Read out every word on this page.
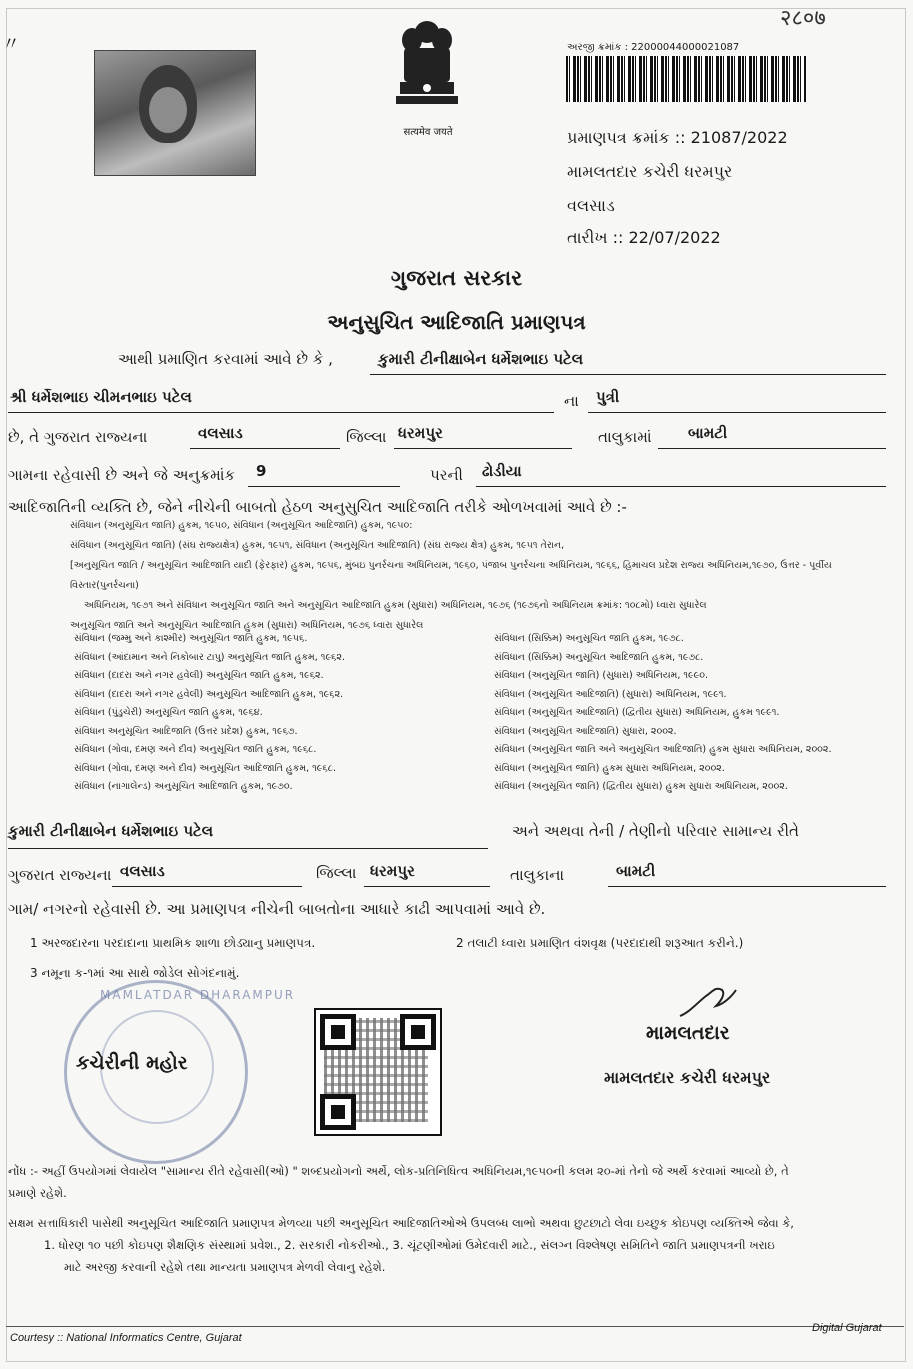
〃
२८०७
सत्यमेव जयते
અરજી ક્રમાંક : 22000044000021087
પ્રમાણપત્ર ક્રમાંક :: 21087/2022
મામલતદાર કચેરી ધરમપુર
વલસાડ
તારીખ :: 22/07/2022
ગુજરાત સરકાર
અનુસુચિત આદિજાતિ પ્રમાણપત્ર
આથી પ્રમાણિત કરવામાં આવે છે કે ,	કુમારી ટીનીક્ષાબેન ધર્મેશભાઇ પટેલ
શ્રી ધર્મેશભાઇ ચીમનભાઇ પટેલ	ના પુત્રી
છે, તે ગુજરાત રાજ્યના	વલસાડ	જિલ્લા ધરમપુર	તાલુકામાં બામટી
ગામના રહેવાસી છે અને જે અનુક્રમાંક 9	પરની ઢોડીયા
આદિજાતિની વ્યક્તિ છે, જેને નીચેની બાબતો હેઠળ અનુસુચિત આદિજાતિ તરીકે ઓળખવામાં આવે છે :-
સંવિધાન (અનુસૂચિત જાતિ) હુકમ, ૧૯૫૦, સંવિધાન (અનુસૂચિત આદિજાતિ) હુકમ, ૧૯૫૦:
સંવિધાન (અનુસૂચિત જાતિ) (સંઘ રાજ્યક્ષેત્ર) હુકમ, ૧૯૫૧, સંવિધાન (અનુસૂચિત આદિજાતિ) (સંઘ રાજ્ય ક્ષેત્ર) હુકમ, ૧૯૫૧ તેરાન,
[અનુસૂચિત જાતિ / અનુસૂચિત આદિજાતિ યાદી (ફેરફાર) હુકમ, ૧૯૫૬, મુંબઇ પુનર્રચના અધિનિયમ, ૧૯૬૦, પંજાબ પુનર્રચના અધિનિયમ, ૧૯૬૬, હિમાચલ પ્રદેશ રાજ્ય અધિનિયમ,૧૯૭૦, ઉત્તર - પૂર્વીય વિસ્તાર(પુનર્રચના)
અધિનિયમ, ૧૯૭૧ અને સંવિધાન અનુસૂચિત જાતિ અને અનુસૂચિત આદિજાતિ હુકમ (સુધારા) અધિનિયમ, ૧૯૭૬ (૧૯૭૬નો અધિનિયમ ક્રમાંક: ૧૦૮મો) ધ્વારા સુધારેલ
અનુસૂચિત જાતિ અને અનુસૂચિત આદિજાતિ હુકમ (સુધારા) અધિનિયમ, ૧૯૭૬ ધ્વારા સુધારેલ
સંવિધાન (જમ્મુ અને કાશ્મીર) અનુસૂચિત જાતિ હુકમ, ૧૯૫૬.
સંવિધાન (આંદામાન અને નિકોબાર ટાપુ) અનુસૂચિત જાતિ હુકમ, ૧૯૬૨.
સંવિધાન (દાદરા અને નગર હવેલી) અનુસૂચિત જાતિ હુકમ, ૧૯૬૨.
સંવિધાન (દાદરા અને નગર હવેલી) અનુસૂચિત આદિજાતિ હુકમ, ૧૯૬૨.
સંવિધાન (પુંડુચેરી) અનુસૂચિત જાતિ હુકમ, ૧૯૬૪.
સંવિધાન અનુસૂચિત આદિજાતિ (ઉત્તર પ્રદેશ) હુકમ, ૧૯૬૭.
સંવિધાન (ગોવા, દમણ અને દીવ) અનુસૂચિત જાતિ હુકમ, ૧૯૬૮.
સંવિધાન (ગોવા, દમણ અને દીવ) અનુસૂચિત આદિજાતિ હુકમ, ૧૯૬૮.
સંવિધાન (નાગાલેન્ડ) અનુસૂચિત આદિજાતિ હુકમ, ૧૯૭૦.
સંવિધાન (સિક્કિમ) અનુસૂચિત જાતિ હુકમ, ૧૯૭૮.
સંવિધાન (સિક્કિમ) અનુસૂચિત આદિજાતિ હુકમ, ૧૯૭૮.
સંવિધાન (અનુસૂચિત જાતિ) (સુધારા) અધિનિયમ, ૧૯૯૦.
સંવિધાન (અનુસૂચિત આદિજાતિ) (સુધારા) અધિનિયમ, ૧૯૯૧.
સંવિધાન (અનુસૂચિત આદિજાતિ) (દ્વિતીય સુધારા) અધિનિયમ, હુકમ ૧૯૯૧.
સંવિધાન (અનુસૂચિત આદિજાતિ) સુધારા, ૨૦૦૨.
સંવિધાન (અનુસૂચિત જાતિ અને અનુસૂચિત આદિજાતિ) હુકમ સુધારા અધિનિયમ, ૨૦૦૨.
સંવિધાન (અનુસૂચિત જાતિ) હુકમ સુધારા અધિનિયમ, ૨૦૦૨.
સંવિધાન (અનુસૂચિત જાતિ) (દ્વિતીય સુધારા) હુકમ સુધારા અધિનિયમ, ૨૦૦૨.
કુમારી ટીનીક્ષાબેન ધર્મેશભાઇ પટેલ	અને અથવા તેની / તેણીનો પરિવાર સામાન્ય રીતે
ગુજરાત રાજ્યના વલસાડ	જિલ્લા ધરમપુર	તાલુકાના	બામટી
ગામ/ નગરનો રહેવાસી છે. આ પ્રમાણપત્ર નીચેની બાબતોના આધારે કાઢી આપવામાં આવે છે.
1 અરજદારના પરદાદાના પ્રાથમિક શાળા છોડ્યાનુ પ્રમાણપત્ર.	2 તલાટી ધ્વારા પ્રમાણિત વંશવૃક્ષ (પરદાદાથી શરૂઆત કરીને.)
3 નમૂના ક-૧માં આ સાથે જોડેલ સોગંદનામું.
MAMLATDAR DHARAMPUR
કચેરીની મહોર
મામલતદાર
મામલતદાર કચેરી ધરમપુર
નોંધ :- અહીં ઉપયોગમાં લેવાયેલ "સામાન્ય રીતે રહેવાસી(ઓ) " શબ્દપ્રયોગનો અર્થે, લોક-પ્રતિનિધિત્વ અધિનિયમ,૧૯૫૦ની કલમ ૨૦-માં તેનો જે અર્થે કરવામાં આવ્યો છે, તે
પ્રમાણે રહેશે.
સક્ષમ સત્તાધિકારી પાસેથી અનુસૂચિત આદિજાતિ પ્રમાણપત્ર મેળવ્યા પછી અનુસૂચિત આદિજાતિઓએ ઉપલબ્ધ લાભો અથવા છુટછાટો લેવા ઇચ્છુક કોઇપણ વ્યક્તિએ જેવા કે,
1. ધોરણ ૧૦ પછી કોઇપણ શૈક્ષણિક સંસ્થામાં પ્રવેશ., 2. સરકારી નોકરીઓ., 3. ચૂંટણીઓમાં ઉમેદવારી માટે., સંલગ્ન વિશ્લેષણ સમિતિને જાતિ પ્રમાણપત્રની ખરાઇ
માટે અરજી કરવાની રહેશે તથા માન્યતા પ્રમાણપત્ર મેળવી લેવાનુ રહેશે.
Courtesy :: National Informatics Centre, Gujarat
Digital Gujarat
